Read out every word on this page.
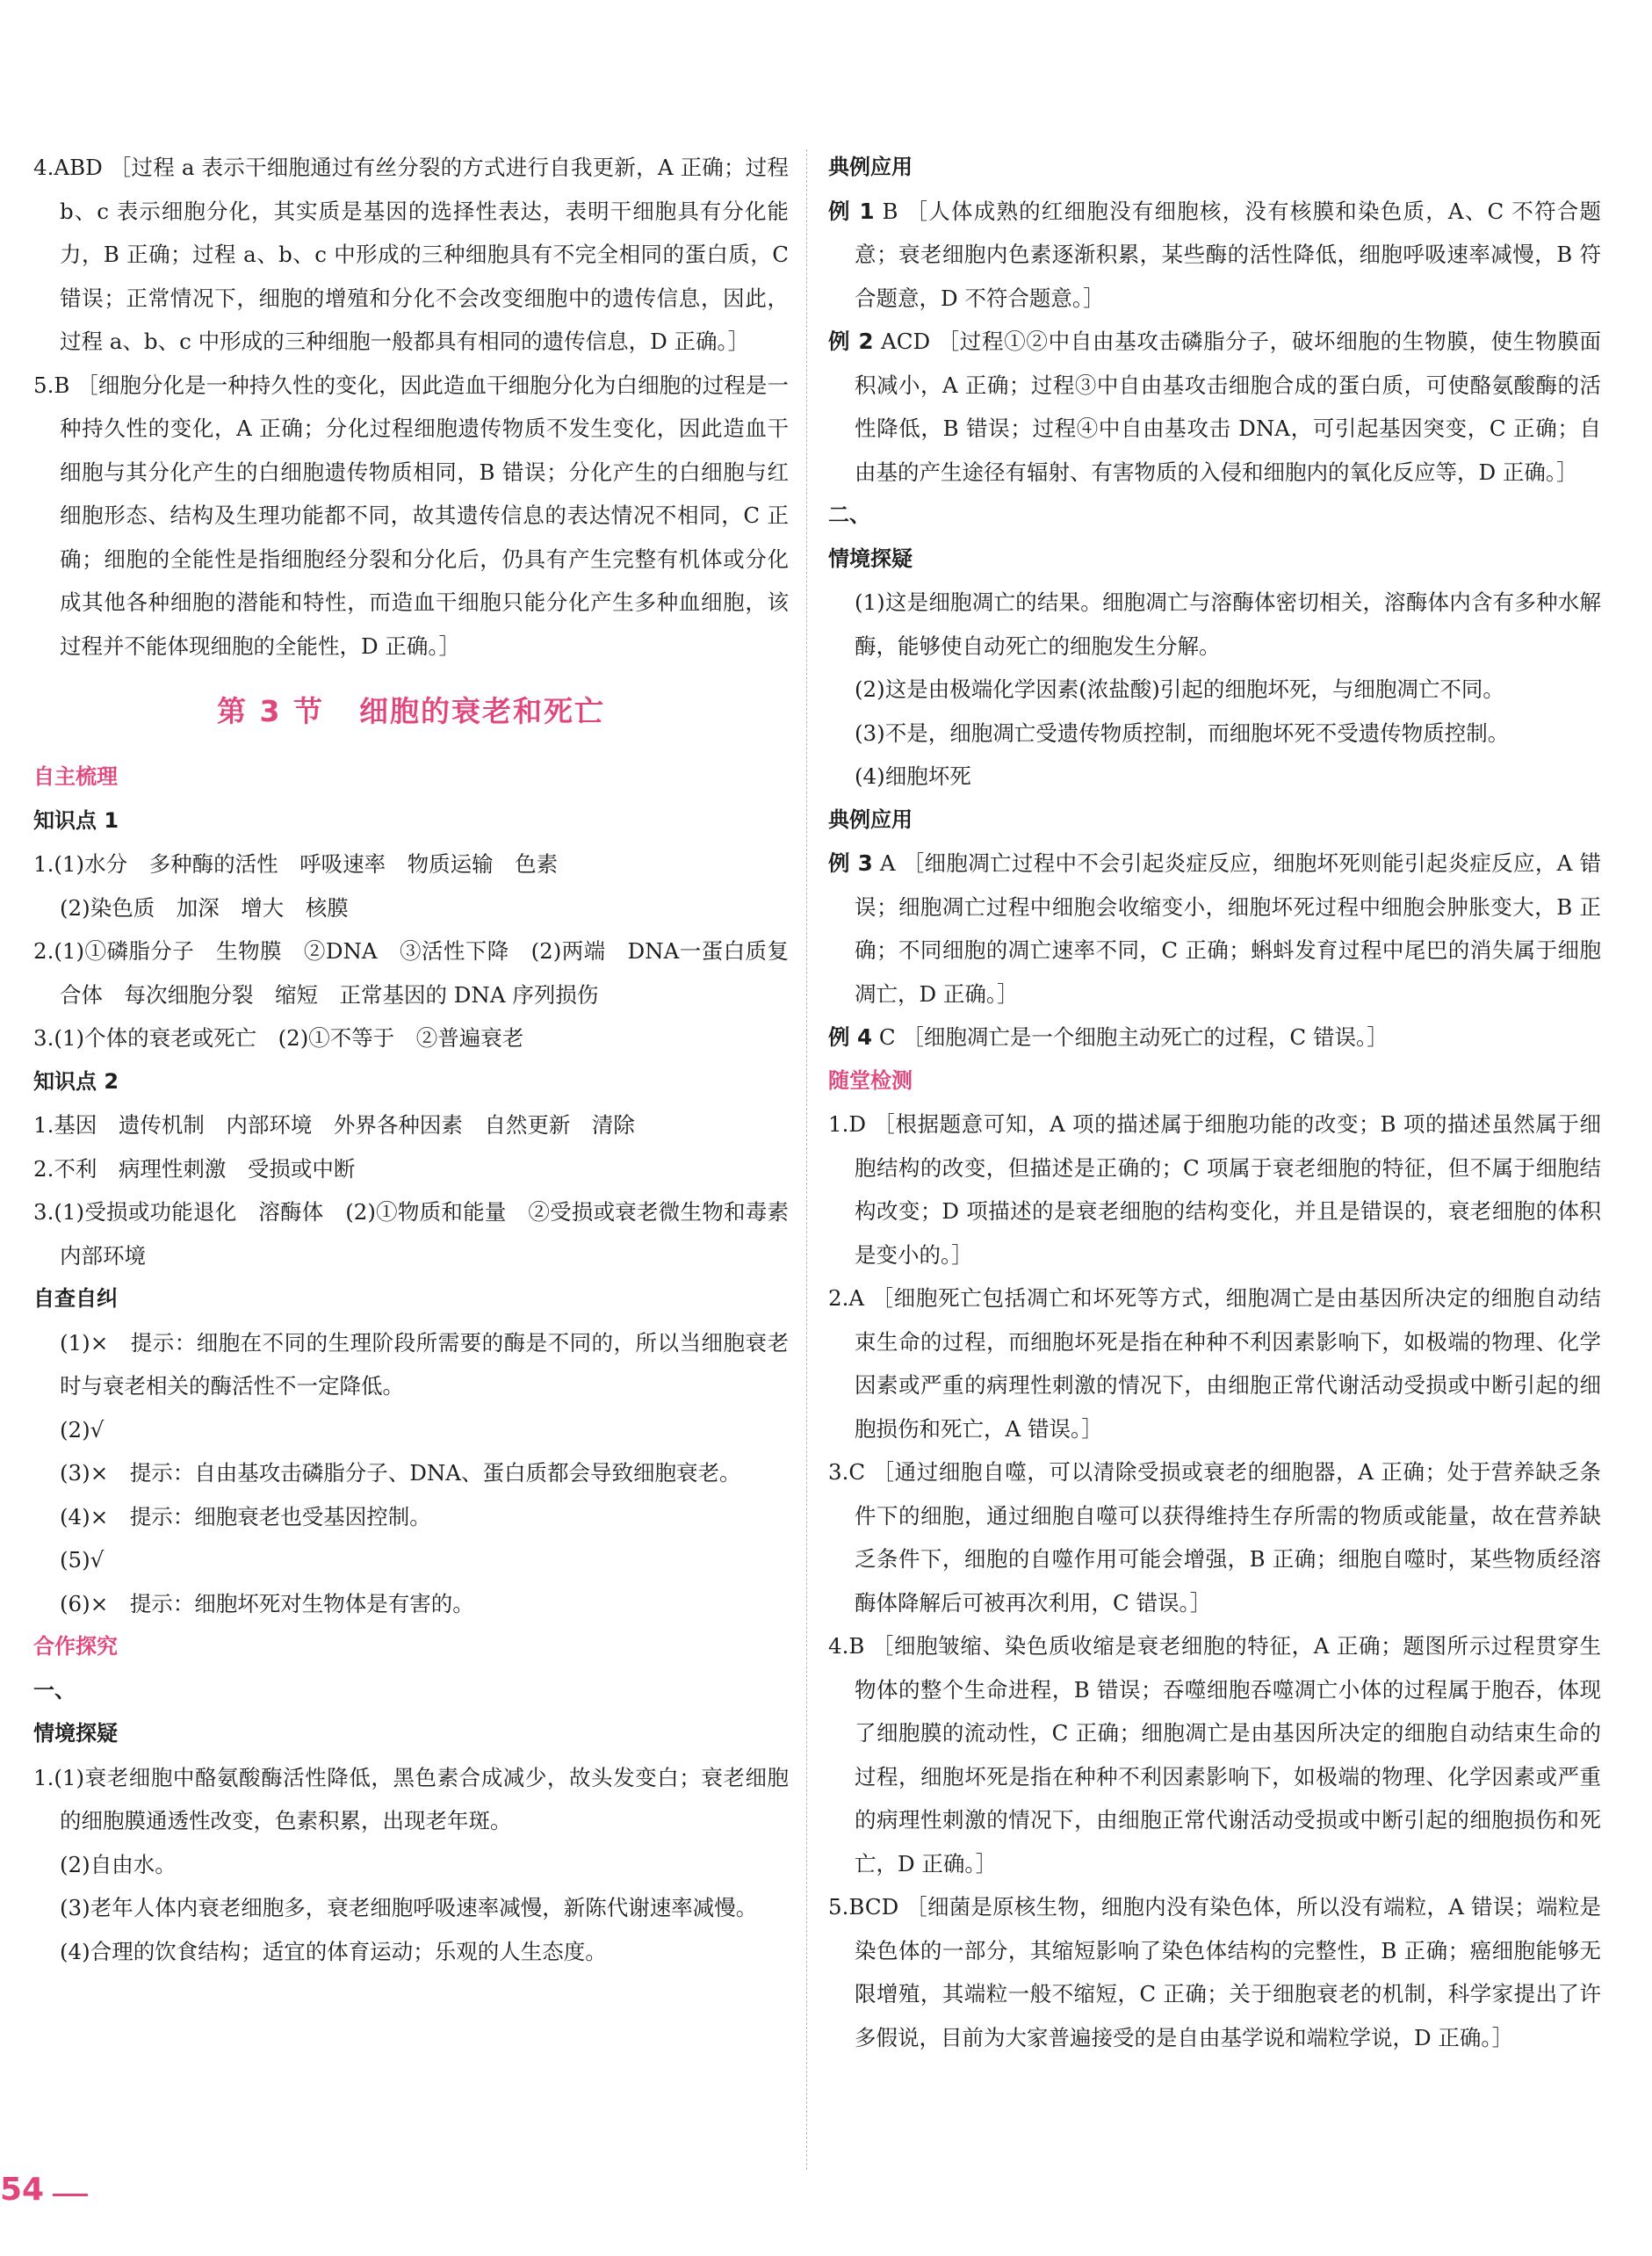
4.ABD ［过程 a 表示干细胞通过有丝分裂的方式进行自我更新，A 正确；过程 b、c 表示细胞分化，其实质是基因的选择性表达，表明干细胞具有分化能力，B 正确；过程 a、b、c 中形成的三种细胞具有不完全相同的蛋白质，C 错误；正常情况下，细胞的增殖和分化不会改变细胞中的遗传信息，因此，过程 a、b、c 中形成的三种细胞一般都具有相同的遗传信息，D 正确。］

5.B ［细胞分化是一种持久性的变化，因此造血干细胞分化为白细胞的过程是一种持久性的变化，A 正确；分化过程细胞遗传物质不发生变化，因此造血干细胞与其分化产生的白细胞遗传物质相同，B 错误；分化产生的白细胞与红细胞形态、结构及生理功能都不同，故其遗传信息的表达情况不相同，C 正确；细胞的全能性是指细胞经分裂和分化后，仍具有产生完整有机体或分化成其他各种细胞的潜能和特性，而造血干细胞只能分化产生多种血细胞，该过程并不能体现细胞的全能性，D 正确。］

第 3 节 细胞的衰老和死亡

自主梳理

知识点 1

1.(1)水分　多种酶的活性　呼吸速率　物质运输　色素

(2)染色质　加深　增大　核膜

2.(1)①磷脂分子　生物膜　②DNA　③活性下降　(2)两端　DNA一蛋白质复合体　每次细胞分裂　缩短　正常基因的 DNA 序列损伤

3.(1)个体的衰老或死亡　(2)①不等于　②普遍衰老

知识点 2

1.基因　遗传机制　内部环境　外界各种因素　自然更新　清除

2.不利　病理性刺激　受损或中断

3.(1)受损或功能退化　溶酶体　(2)①物质和能量　②受损或衰老微生物和毒素　内部环境

自查自纠

(1)×　提示：细胞在不同的生理阶段所需要的酶是不同的，所以当细胞衰老时与衰老相关的酶活性不一定降低。

(2)√

(3)×　提示：自由基攻击磷脂分子、DNA、蛋白质都会导致细胞衰老。

(4)×　提示：细胞衰老也受基因控制。

(5)√

(6)×　提示：细胞坏死对生物体是有害的。

合作探究

一、

情境探疑

1.(1)衰老细胞中酪氨酸酶活性降低，黑色素合成减少，故头发变白；衰老细胞的细胞膜通透性改变，色素积累，出现老年斑。

(2)自由水。

(3)老年人体内衰老细胞多，衰老细胞呼吸速率减慢，新陈代谢速率减慢。

(4)合理的饮食结构；适宜的体育运动；乐观的人生态度。

典例应用

例 1 B ［人体成熟的红细胞没有细胞核，没有核膜和染色质，A、C 不符合题意；衰老细胞内色素逐渐积累，某些酶的活性降低，细胞呼吸速率减慢，B 符合题意，D 不符合题意。］

例 2 ACD ［过程①②中自由基攻击磷脂分子，破坏细胞的生物膜，使生物膜面积减小，A 正确；过程③中自由基攻击细胞合成的蛋白质，可使酪氨酸酶的活性降低，B 错误；过程④中自由基攻击 DNA，可引起基因突变，C 正确；自由基的产生途径有辐射、有害物质的入侵和细胞内的氧化反应等，D 正确。］

二、

情境探疑

(1)这是细胞凋亡的结果。细胞凋亡与溶酶体密切相关，溶酶体内含有多种水解酶，能够使自动死亡的细胞发生分解。

(2)这是由极端化学因素(浓盐酸)引起的细胞坏死，与细胞凋亡不同。

(3)不是，细胞凋亡受遗传物质控制，而细胞坏死不受遗传物质控制。

(4)细胞坏死

典例应用

例 3 A ［细胞凋亡过程中不会引起炎症反应，细胞坏死则能引起炎症反应，A 错误；细胞凋亡过程中细胞会收缩变小，细胞坏死过程中细胞会肿胀变大，B 正确；不同细胞的凋亡速率不同，C 正确；蝌蚪发育过程中尾巴的消失属于细胞凋亡，D 正确。］

例 4 C ［细胞凋亡是一个细胞主动死亡的过程，C 错误。］

随堂检测

1.D ［根据题意可知，A 项的描述属于细胞功能的改变；B 项的描述虽然属于细胞结构的改变，但描述是正确的；C 项属于衰老细胞的特征，但不属于细胞结构改变；D 项描述的是衰老细胞的结构变化，并且是错误的，衰老细胞的体积是变小的。］

2.A ［细胞死亡包括凋亡和坏死等方式，细胞凋亡是由基因所决定的细胞自动结束生命的过程，而细胞坏死是指在种种不利因素影响下，如极端的物理、化学因素或严重的病理性刺激的情况下，由细胞正常代谢活动受损或中断引起的细胞损伤和死亡，A 错误。］

3.C ［通过细胞自噬，可以清除受损或衰老的细胞器，A 正确；处于营养缺乏条件下的细胞，通过细胞自噬可以获得维持生存所需的物质或能量，故在营养缺乏条件下，细胞的自噬作用可能会增强，B 正确；细胞自噬时，某些物质经溶酶体降解后可被再次利用，C 错误。］

4.B ［细胞皱缩、染色质收缩是衰老细胞的特征，A 正确；题图所示过程贯穿生物体的整个生命进程，B 错误；吞噬细胞吞噬凋亡小体的过程属于胞吞，体现了细胞膜的流动性，C 正确；细胞凋亡是由基因所决定的细胞自动结束生命的过程，细胞坏死是指在种种不利因素影响下，如极端的物理、化学因素或严重的病理性刺激的情况下，由细胞正常代谢活动受损或中断引起的细胞损伤和死亡，D 正确。］

5.BCD ［细菌是原核生物，细胞内没有染色体，所以没有端粒，A 错误；端粒是染色体的一部分，其缩短影响了染色体结构的完整性，B 正确；癌细胞能够无限增殖，其端粒一般不缩短，C 正确；关于细胞衰老的机制，科学家提出了许多假说，目前为大家普遍接受的是自由基学说和端粒学说，D 正确。］

54
